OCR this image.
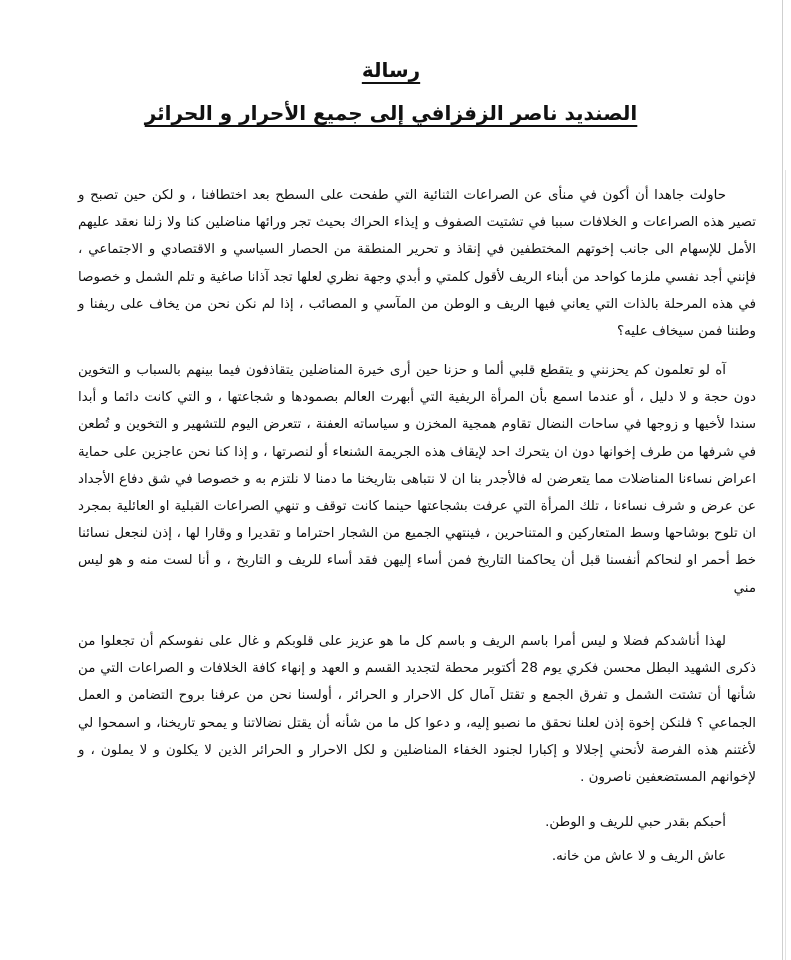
رسالة
الصنديد ناصر الزفزافي إلى جميع الأحرار و الحرائر

حاولت جاهدا أن أكون في منأى عن الصراعات الثنائية التي طفحت على السطح بعد اختطافنا ، و لكن حين تصبح و تصير هذه الصراعات و الخلافات سببا في تشتيت الصفوف و إيذاء الحراك بحيث تجر ورائها مناضلين كنا ولا زلنا نعقد عليهم الأمل للإسهام الى جانب إخوتهم المختطفين في إنقاذ و تحرير المنطقة من الحصار السياسي و الاقتصادي و الاجتماعي ، فإنني أجد نفسي ملزما كواحد من أبناء الريف لأقول كلمتي و أبدي وجهة نظري لعلها تجد آذانا صاغية و تلم الشمل و خصوصا في هذه المرحلة بالذات التي يعاني فيها الريف و الوطن من المآسي و المصائب ، إذا لم نكن نحن من يخاف على ريفنا و وطننا فمن سيخاف عليه؟

آه لو تعلمون كم يحزنني و يتقطع قلبي ألما و حزنا حين أرى خيرة المناضلين يتقاذفون فيما بينهم بالسباب و التخوين دون حجة و لا دليل ، أو عندما اسمع بأن المرأة الريفية التي أبهرت العالم بصمودها و شجاعتها ، و التي كانت دائما و أبدا سندا لأخيها و زوجها في ساحات النضال تقاوم همجية المخزن و سياساته العفنة ، تتعرض اليوم للتشهير و التخوين و تُطعن في شرفها من طرف إخوانها دون ان يتحرك احد لإيقاف هذه الجريمة الشنعاء أو لنصرتها ، و إذا كنا نحن عاجزين على حماية اعراض نساءنا المناضلات مما يتعرضن له فالأجدر بنا ان لا نتباهى بتاريخنا ما دمنا لا نلتزم به و خصوصا في شق دفاع الأجداد عن عرض و شرف نساءنا ، تلك المرأة التي عرفت بشجاعتها حينما كانت توقف و تنهي الصراعات القبلية او العائلية بمجرد ان تلوح بوشاحها وسط المتعاركين و المتناحرين ، فينتهي الجميع من الشجار احتراما و تقديرا و وقارا لها ، إذن لنجعل نسائنا خط أحمر او لنحاكم أنفسنا قبل أن يحاكمنا التاريخ فمن أساء إليهن فقد أساء للريف و التاريخ ، و أنا لست منه و هو ليس مني

لهذا أناشدكم فضلا و ليس أمرا باسم الريف و باسم كل ما هو عزيز على قلوبكم و غال على نفوسكم أن تجعلوا من ذكرى الشهيد البطل محسن فكري يوم 28 أكتوبر محطة لتجديد القسم و العهد و إنهاء كافة الخلافات و الصراعات التي من شأنها أن تشتت الشمل و تفرق الجمع و تقتل آمال كل الاحرار و الحرائر ، أولسنا نحن من عرفنا بروح التضامن و العمل الجماعي ؟ فلنكن إخوة إذن لعلنا نحقق ما نصبو إليه، و دعوا كل ما من شأنه أن يقتل نضالاتنا و يمحو تاريخنا، و اسمحوا لي لأغتنم هذه الفرصة لأنحني إجلالا و إكبارا لجنود الخفاء المناضلين و لكل الاحرار و الحرائر الذين لا يكلون و لا يملون ، و لإخوانهم المستضعفين ناصرون .

أحبكم بقدر حبي للريف و الوطن.
عاش الريف و لا عاش من خانه.
